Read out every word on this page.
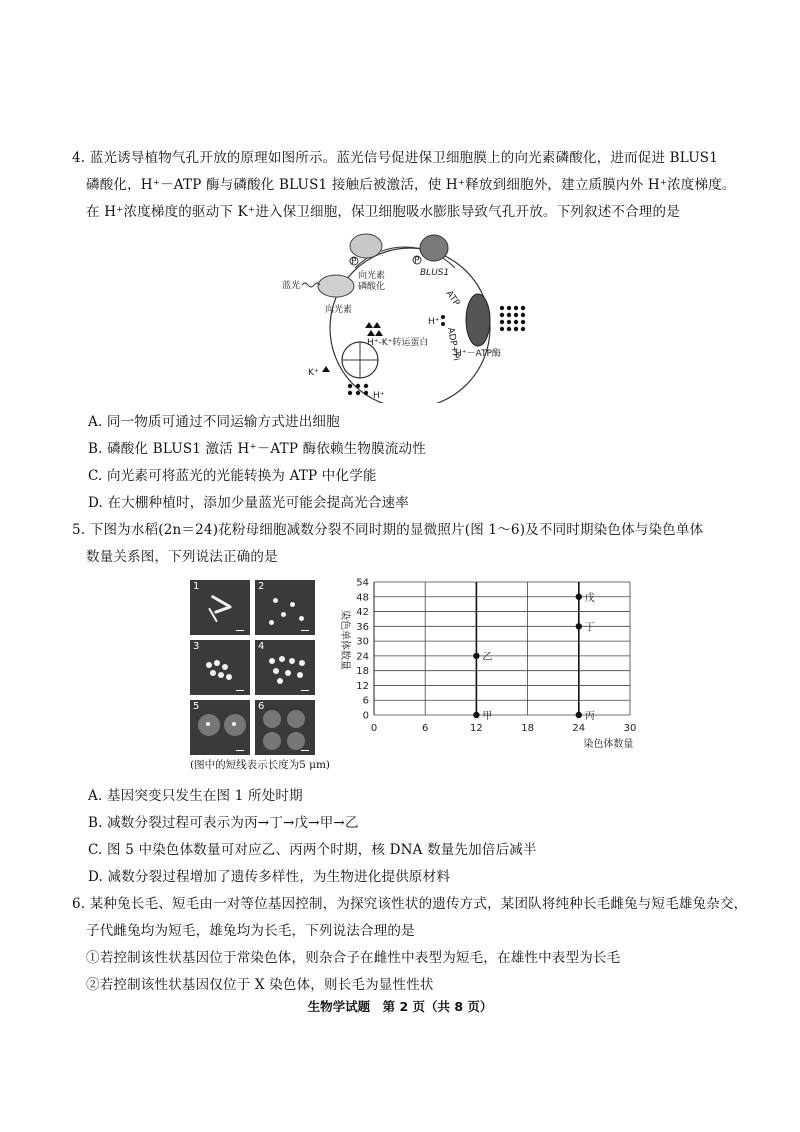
4. 蓝光诱导植物气孔开放的原理如图所示。蓝光信号促进保卫细胞膜上的向光素磷酸化，进而促进 BLUS1
磷酸化，H⁺－ATP 酶与磷酸化 BLUS1 接触后被激活，使 H⁺释放到细胞外，建立质膜内外 H⁺浓度梯度。
在 H⁺浓度梯度的驱动下 K⁺进入保卫细胞，保卫细胞吸水膨胀导致气孔开放。下列叙述不合理的是
向光素
蓝光
P
向光素
磷酸化
P
BLUS1
ATP
ADP+Pi
H⁺
H⁺－ATP酶
H⁺-K⁺转运蛋白
K⁺
H⁺
A. 同一物质可通过不同运输方式进出细胞
B. 磷酸化 BLUS1 激活 H⁺－ATP 酶依赖生物膜流动性
C. 向光素可将蓝光的光能转换为 ATP 中化学能
D. 在大棚种植时，添加少量蓝光可能会提高光合速率
5. 下图为水稻(2n＝24)花粉母细胞减数分裂不同时期的显微照片(图 1～6)及不同时期染色体与染色单体
数量关系图，下列说法正确的是
1	2
3	4
5	6
(图中的短线表示长度为5 μm)
0
6
12
18
24
30
36
42
48
54
0	6	12	18	24	30
甲
乙
丙
丁
戊
染色体数量
染色单体数量
A. 基因突变只发生在图 1 所处时期
B. 减数分裂过程可表示为丙→丁→戊→甲→乙
C. 图 5 中染色体数量可对应乙、丙两个时期，核 DNA 数量先加倍后减半
D. 减数分裂过程增加了遗传多样性，为生物进化提供原材料
6. 某种兔长毛、短毛由一对等位基因控制，为探究该性状的遗传方式，某团队将纯种长毛雌兔与短毛雄兔杂交，
子代雌兔均为短毛，雄兔均为长毛，下列说法合理的是
①若控制该性状基因位于常染色体，则杂合子在雌性中表型为短毛，在雄性中表型为长毛
②若控制该性状基因仅位于 X 染色体，则长毛为显性性状
生物学试题　第 2 页（共 8 页）
